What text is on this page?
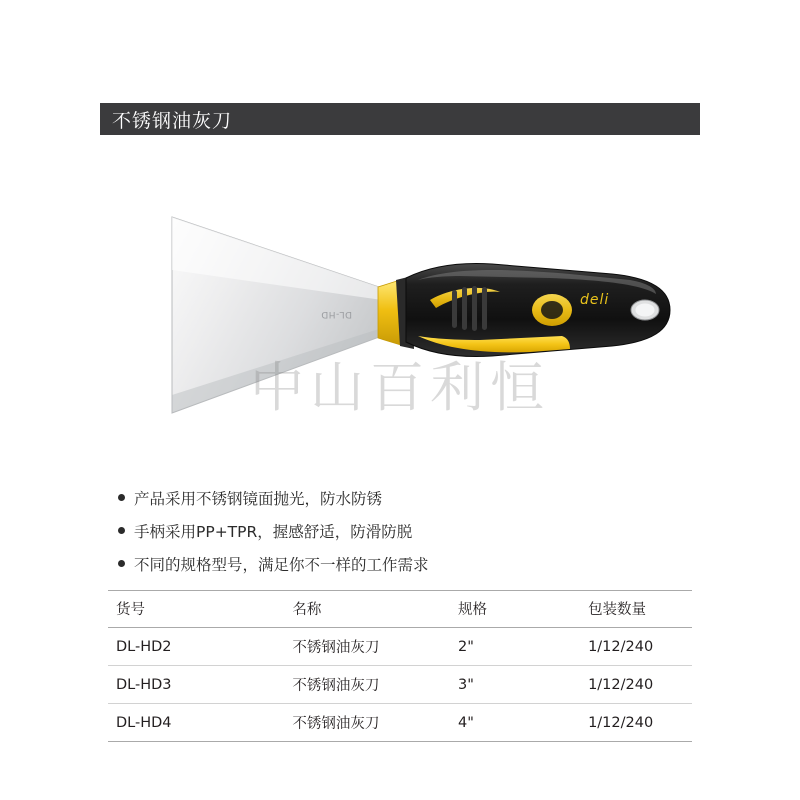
不锈钢油灰刀
DL-HD
deli
中山百利恒
产品采用不锈钢镜面抛光，防水防锈
手柄采用PP+TPR，握感舒适，防滑防脱
不同的规格型号，满足你不一样的工作需求
货号	名称	规格	包装数量
DL-HD2	不锈钢油灰刀	2"	1/12/240
DL-HD3	不锈钢油灰刀	3"	1/12/240
DL-HD4	不锈钢油灰刀	4"	1/12/240
